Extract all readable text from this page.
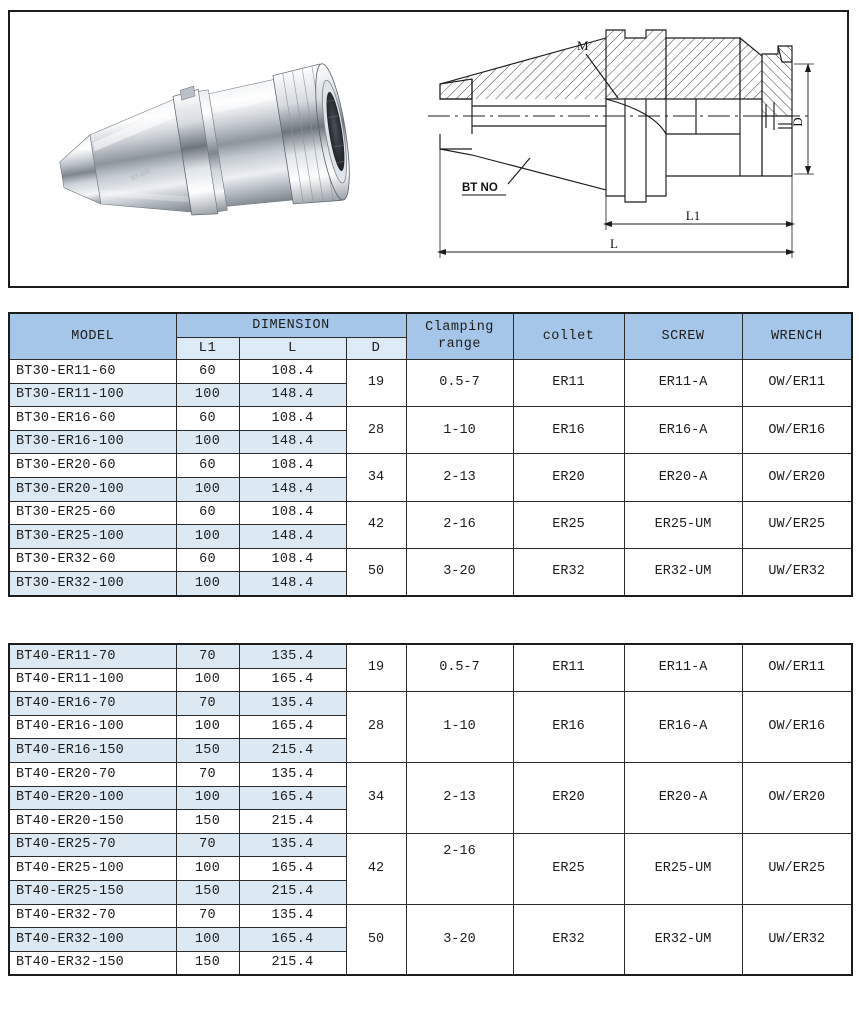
BT-ER
M
BT NO
D
L1
L
MODEL	DIMENSION			Clamping
range	collet	SCREW	WRENCH
	L1	L	D				
BT30-ER11-60	60	108.4	19	0.5-7	ER11	ER11-A	OW/ER11
BT30-ER11-100	100	148.4					
BT30-ER16-60	60	108.4	28	1-10	ER16	ER16-A	OW/ER16
BT30-ER16-100	100	148.4					
BT30-ER20-60	60	108.4	34	2-13	ER20	ER20-A	OW/ER20
BT30-ER20-100	100	148.4					
BT30-ER25-60	60	108.4	42	2-16	ER25	ER25-UM	UW/ER25
BT30-ER25-100	100	148.4					
BT30-ER32-60	60	108.4	50	3-20	ER32	ER32-UM	UW/ER32
BT30-ER32-100	100	148.4					
BT40-ER11-70	70	135.4	19	0.5-7	ER11	ER11-A	OW/ER11
BT40-ER11-100	100	165.4					
BT40-ER16-70	70	135.4	28	1-10	ER16	ER16-A	OW/ER16
BT40-ER16-100	100	165.4					
BT40-ER16-150	150	215.4					
BT40-ER20-70	70	135.4	34	2-13	ER20	ER20-A	OW/ER20
BT40-ER20-100	100	165.4					
BT40-ER20-150	150	215.4					
BT40-ER25-70	70	135.4	42	2-16	ER25	ER25-UM	UW/ER25
BT40-ER25-100	100	165.4					
BT40-ER25-150	150	215.4					
BT40-ER32-70	70	135.4	50	3-20	ER32	ER32-UM	UW/ER32
BT40-ER32-100	100	165.4					
BT40-ER32-150	150	215.4					
